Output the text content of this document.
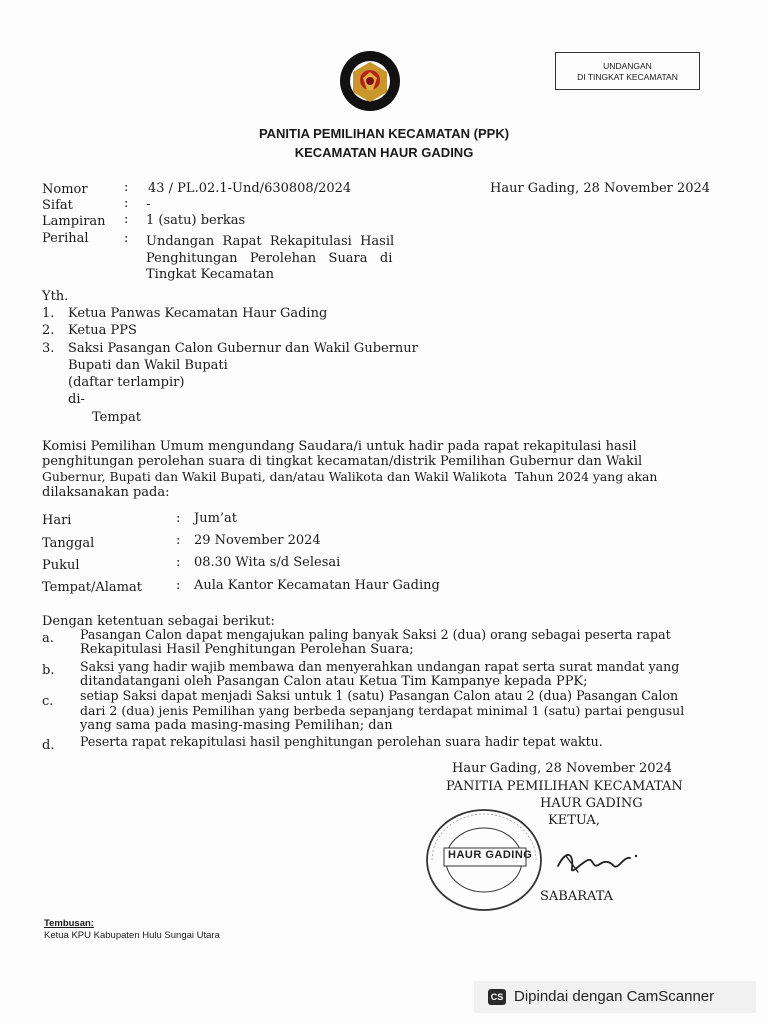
UNDANGAN
DI TINGKAT KECAMATAN
PANITIA PEMILIHAN KECAMATAN (PPK)
KECAMATAN HAUR GADING
Haur Gading, 28 November 2024
Nomor	: 43 / PL.02.1-Und/630808/2024
Sifat	: -
Lampiran : 1 (satu) berkas
Perihal	: Undangan  Rapat  Rekapitulasi  Hasil
Penghitungan   Perolehan   Suara   di
Tingkat Kecamatan
Yth.
1. Ketua Panwas Kecamatan Haur Gading
2. Ketua PPS
3. Saksi Pasangan Calon Gubernur dan Wakil Gubernur
Bupati dan Wakil Bupati
(daftar terlampir)
di-
Tempat
Komisi Pemilihan Umum mengundang Saudara/i untuk hadir pada rapat rekapitulasi hasil
penghitungan perolehan suara di tingkat kecamatan/distrik Pemilihan Gubernur dan Wakil
Gubernur, Bupati dan Wakil Bupati, dan/atau Walikota dan Wakil Walikota  Tahun 2024 yang akan
dilaksanakan pada:
Hari	: Jum’at
Tanggal	: 29 November 2024
Pukul	: 08.30 Wita s/d Selesai
Tempat/Alamat	: Aula Kantor Kecamatan Haur Gading
Dengan ketentuan sebagai berikut:
a. Pasangan Calon dapat mengajukan paling banyak Saksi 2 (dua) orang sebagai peserta rapat
Rekapitulasi Hasil Penghitungan Perolehan Suara;
b. Saksi yang hadir wajib membawa dan menyerahkan undangan rapat serta surat mandat yang
ditandatangani oleh Pasangan Calon atau Ketua Tim Kampanye kepada PPK;
c. setiap Saksi dapat menjadi Saksi untuk 1 (satu) Pasangan Calon atau 2 (dua) Pasangan Calon
dari 2 (dua) jenis Pemilihan yang berbeda sepanjang terdapat minimal 1 (satu) partai pengusul
yang sama pada masing-masing Pemilihan; dan
d. Peserta rapat rekapitulasi hasil penghitungan perolehan suara hadir tepat waktu.
Haur Gading, 28 November 2024
PANITIA PEMILIHAN KECAMATAN
HAUR GADING
KETUA,
HAUR GADING
SABARATA
Tembusan:
Ketua KPU Kabupaten Hulu Sungai Utara
CS Dipindai dengan CamScanner
